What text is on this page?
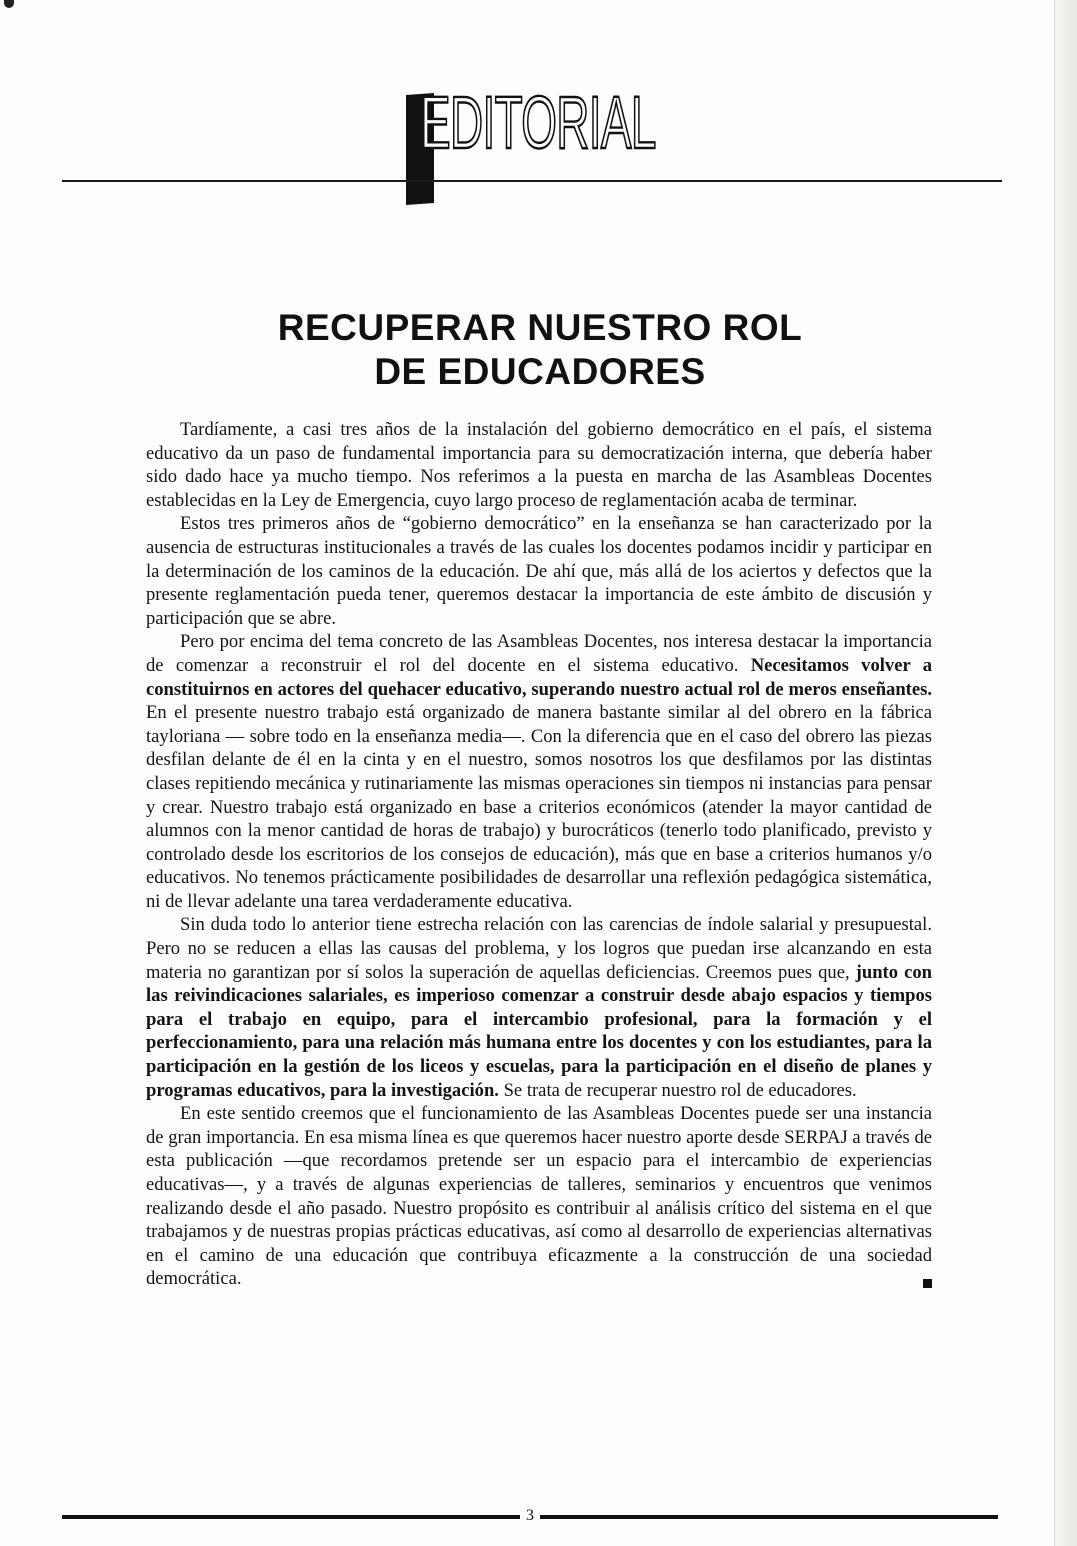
EDITORIAL
RECUPERAR NUESTRO ROL
DE EDUCADORES

Tardíamente, a casi tres años de la instalación del gobierno democrático en el país, el sistema educativo da un paso de fundamental importancia para su democratización interna, que debería haber sido dado hace ya mucho tiempo. Nos referimos a la puesta en marcha de las Asambleas Docentes establecidas en la Ley de Emergencia, cuyo largo proceso de reglamentación acaba de terminar.

Estos tres primeros años de “gobierno democrático” en la enseñanza se han caracterizado por la ausencia de estructuras institucionales a través de las cuales los docentes podamos incidir y participar en la determinación de los caminos de la educación. De ahí que, más allá de los aciertos y defectos que la presente reglamentación pueda tener, queremos destacar la importancia de este ámbito de discusión y participación que se abre.

Pero por encima del tema concreto de las Asambleas Docentes, nos interesa destacar la importancia de comenzar a reconstruir el rol del docente en el sistema educativo. Necesitamos volver a constituirnos en actores del quehacer educativo, superando nuestro actual rol de meros enseñantes. En el presente nuestro trabajo está organizado de manera bastante similar al del obrero en la fábrica tayloriana — sobre todo en la enseñanza media—. Con la diferencia que en el caso del obrero las piezas desfilan delante de él en la cinta y en el nuestro, somos nosotros los que desfilamos por las distintas clases repitiendo mecánica y rutinariamente las mismas operaciones sin tiempos ni instancias para pensar y crear. Nuestro trabajo está organizado en base a criterios económicos (atender la mayor cantidad de alumnos con la menor cantidad de horas de trabajo) y burocráticos (tenerlo todo planificado, previsto y controlado desde los escritorios de los consejos de educación), más que en base a criterios humanos y/o educativos. No tenemos prácticamente posibilidades de desarrollar una reflexión pedagógica sistemática, ni de llevar adelante una tarea verdaderamente educativa.

Sin duda todo lo anterior tiene estrecha relación con las carencias de índole salarial y presupuestal. Pero no se reducen a ellas las causas del problema, y los logros que puedan irse alcanzando en esta materia no garantizan por sí solos la superación de aquellas deficiencias. Creemos pues que, junto con las reivindicaciones salariales, es imperioso comenzar a construir desde abajo espacios y tiempos para el trabajo en equipo, para el intercambio profesional, para la formación y el perfeccionamiento, para una relación más humana entre los docentes y con los estudiantes, para la participación en la gestión de los liceos y escuelas, para la participación en el diseño de planes y programas educativos, para la investigación. Se trata de recuperar nuestro rol de educadores.

En este sentido creemos que el funcionamiento de las Asambleas Docentes puede ser una instancia de gran importancia. En esa misma línea es que queremos hacer nuestro aporte desde SERPAJ a través de esta publicación —que recordamos pretende ser un espacio para el intercambio de experiencias educativas—, y a través de algunas experiencias de talleres, seminarios y encuentros que venimos realizando desde el año pasado. Nuestro propósito es contribuir al análisis crítico del sistema en el que trabajamos y de nuestras propias prácticas educativas, así como al desarrollo de experiencias alternativas en el camino de una educación que contribuya eficazmente a la construcción de una sociedad democrática.

3
